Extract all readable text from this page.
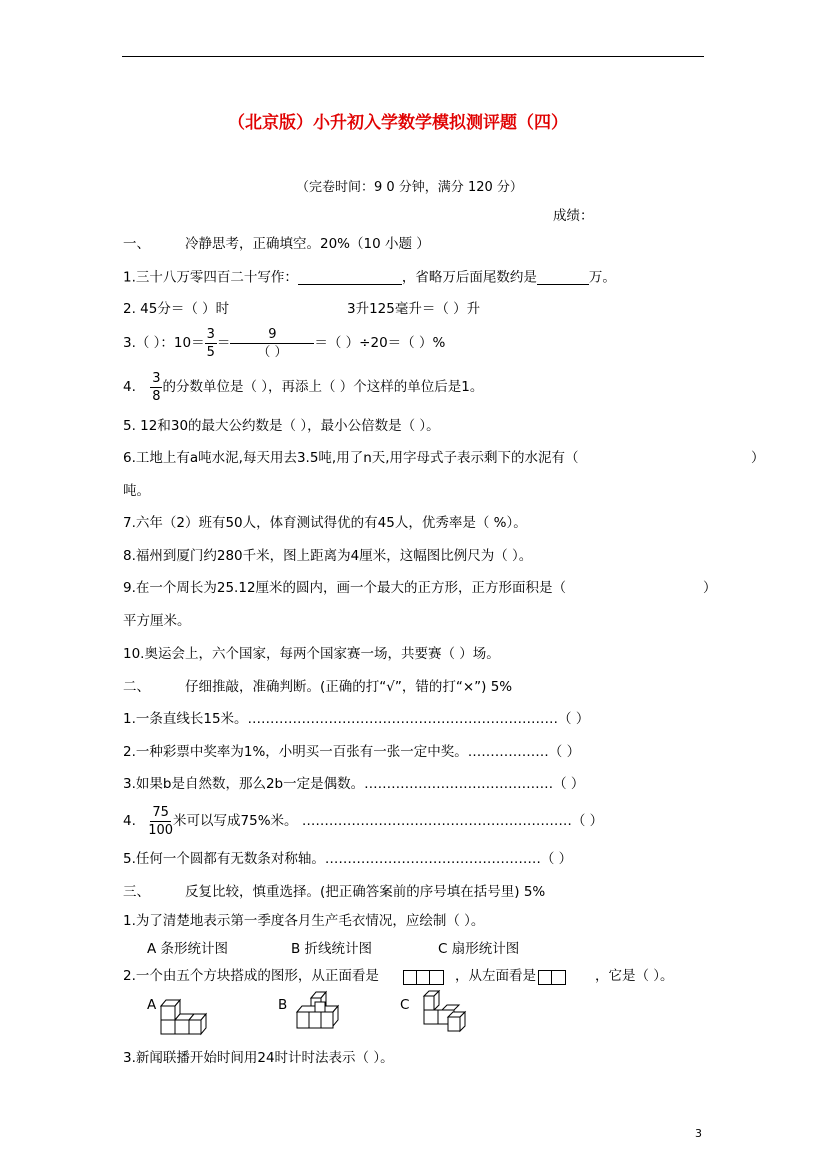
（北京版）小升初入学数学模拟测评题（四）
（完卷时间：9 0 分钟，满分 120 分）
成绩：
一、	冷静思考，正确填空。20%（10 小题 ）
1.三十八万零四百二十写作：	，省略万后面尾数约是	万。
2. 45分＝（ ）时	3升125毫升＝（ ）升
3.（ ）：$10= \frac{3}{5} = \frac{9}{( )}$ ＝（ ）÷20＝（ ）%
4. $\frac{3}{8}$ 的分数单位是（ ），再添上（ ）个这样的单位后是1。
5. 12和30的最大公约数是（ ），最小公倍数是（ ）。
6.工地上有a吨水泥,每天用去3.5吨,用了n天,用字母式子表示剩下的水泥有（	）
吨。
7.六年（2）班有50人，体育测试得优的有45人，优秀率是（ %）。
8.福州到厦门约280千米，图上距离为4厘米，这幅图比例尺为（ ）。
9.在一个周长为25.12厘米的圆内，画一个最大的正方形，正方形面积是（	）
平方厘米。
10.奥运会上，六个国家，每两个国家赛一场，共要赛（ ）场。
二、	仔细推敲，准确判断。(正确的打“√”，错的打“×”) 5%
1.一条直线长15米。……………………………………………………………（ ）
2.一种彩票中奖率为1%，小明买一百张有一张一定中奖。………………（ ）
3.如果b是自然数，那么2b一定是偶数。……………………………………（ ）
4. $\frac{75}{100}$ 米可以写成75%米。 ……………………………………………………（ ）
5.任何一个圆都有无数条对称轴。…………………………………………（ ）
三、	反复比较，慎重选择。(把正确答案前的序号填在括号里) 5%
1.为了清楚地表示第一季度各月生产毛衣情况，应绘制（ ）。
A 条形统计图	B 折线统计图	C 扇形统计图
2.一个由五个方块搭成的图形，从正面看是	，从左面看是	，它是（ ）。
A	B	C
3.新闻联播开始时间用24时计时法表示（ ）。
3
